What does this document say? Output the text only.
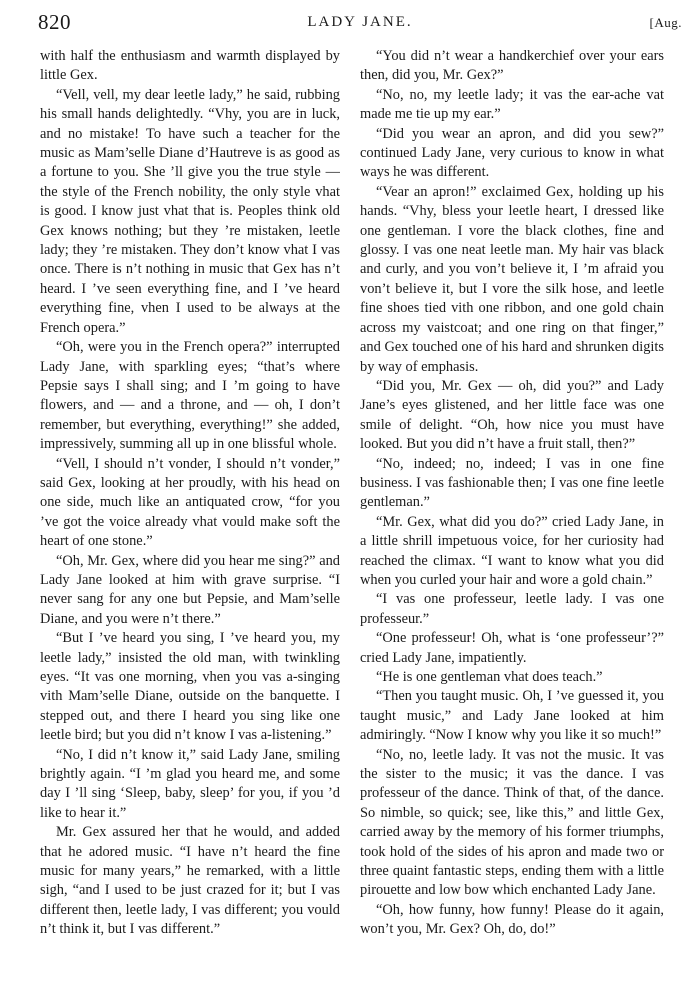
820	LADY JANE.	[Aug.

with half the enthusiasm and warmth displayed by little Gex.

“Vell, vell, my dear leetle lady,” he said, rubbing his small hands delightedly. “Vhy, you are in luck, and no mistake! To have such a teacher for the music as Mam’selle Diane d’Hautreve is as good as a fortune to you. She ’ll give you the true style — the style of the French nobility, the only style vhat is good. I know just vhat that is. Peoples think old Gex knows nothing; but they ’re mistaken, leetle lady; they ’re mistaken. They don’t know vhat I vas once. There is n’t nothing in music that Gex has n’t heard. I ’ve seen everything fine, and I ’ve heard everything fine, vhen I used to be always at the French opera.”

“Oh, were you in the French opera?” interrupted Lady Jane, with sparkling eyes; “that’s where Pepsie says I shall sing; and I ’m going to have flowers, and — and a throne, and — oh, I don’t remember, but everything, everything!” she added, impressively, summing all up in one blissful whole.

“Vell, I should n’t vonder, I should n’t vonder,” said Gex, looking at her proudly, with his head on one side, much like an antiquated crow, “for you ’ve got the voice already vhat vould make soft the heart of one stone.”

“Oh, Mr. Gex, where did you hear me sing?” and Lady Jane looked at him with grave surprise. “I never sang for any one but Pepsie, and Mam’selle Diane, and you were n’t there.”

“But I ’ve heard you sing, I ’ve heard you, my leetle lady,” insisted the old man, with twinkling eyes. “It vas one morning, vhen you vas a-singing vith Mam’selle Diane, outside on the banquette. I stepped out, and there I heard you sing like one leetle bird; but you did n’t know I vas a-listening.”

“No, I did n’t know it,” said Lady Jane, smiling brightly again. “I ’m glad you heard me, and some day I ’ll sing ‘Sleep, baby, sleep’ for you, if you ’d like to hear it.”

Mr. Gex assured her that he would, and added that he adored music. “I have n’t heard the fine music for many years,” he remarked, with a little sigh, “and I used to be just crazed for it; but I vas different then, leetle lady, I vas different; you vould n’t think it, but I vas different.”

“You did n’t wear a handkerchief over your ears then, did you, Mr. Gex?”

“No, no, my leetle lady; it vas the ear-ache vat made me tie up my ear.”

“Did you wear an apron, and did you sew?” continued Lady Jane, very curious to know in what ways he was different.

“Vear an apron!” exclaimed Gex, holding up his hands. “Vhy, bless your leetle heart, I dressed like one gentleman. I vore the black clothes, fine and glossy. I vas one neat leetle man. My hair vas black and curly, and you von’t believe it, I ’m afraid you von’t believe it, but I vore the silk hose, and leetle fine shoes tied vith one ribbon, and one gold chain across my vaistcoat; and one ring on that finger,” and Gex touched one of his hard and shrunken digits by way of emphasis.

“Did you, Mr. Gex — oh, did you?” and Lady Jane’s eyes glistened, and her little face was one smile of delight. “Oh, how nice you must have looked. But you did n’t have a fruit stall, then?”

“No, indeed; no, indeed; I vas in one fine business. I vas fashionable then; I vas one fine leetle gentleman.”

“Mr. Gex, what did you do?” cried Lady Jane, in a little shrill impetuous voice, for her curiosity had reached the climax. “I want to know what you did when you curled your hair and wore a gold chain.”

“I vas one professeur, leetle lady. I vas one professeur.”

“One professeur! Oh, what is ‘one professeur’?” cried Lady Jane, impatiently.

“He is one gentleman vhat does teach.”

“Then you taught music. Oh, I ’ve guessed it, you taught music,” and Lady Jane looked at him admiringly. “Now I know why you like it so much!”

“No, no, leetle lady. It vas not the music. It vas the sister to the music; it vas the dance. I vas professeur of the dance. Think of that, of the dance. So nimble, so quick; see, like this,” and little Gex, carried away by the memory of his former triumphs, took hold of the sides of his apron and made two or three quaint fantastic steps, ending them with a little pirouette and low bow which enchanted Lady Jane.

“Oh, how funny, how funny! Please do it again, won’t you, Mr. Gex? Oh, do, do!”
